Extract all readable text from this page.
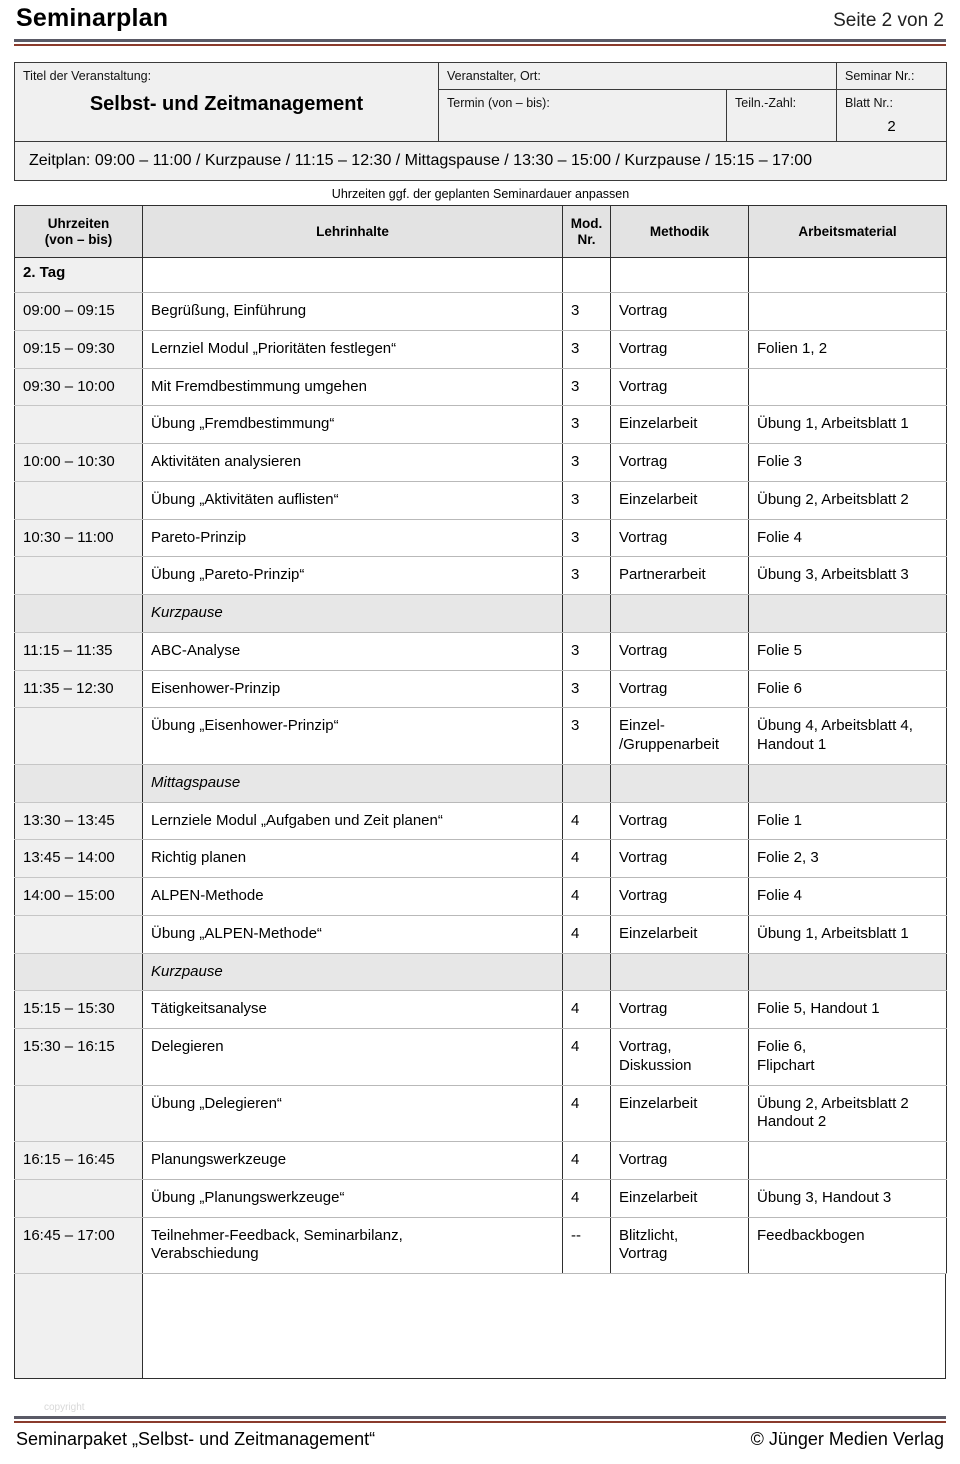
Seminarplan	Seite 2 von 2
Titel der Veranstaltung:
Selbst- und Zeitmanagement	Veranstalter, Ort:		Seminar Nr.:

	Termin (von – bis):	Teiln.-Zahl:	Blatt Nr.:
2

Zeitplan: 09:00 – 11:00 / Kurzpause / 11:15 – 12:30 / Mittagspause / 13:30 – 15:00 / Kurzpause / 15:15 – 17:00			
Uhrzeiten ggf. der geplanten Seminardauer anpassen			
Uhrzeiten
(von – bis)
	Lehrinhalte	
Mod.
Nr.
	Methodik	Arbeitsmaterial
2. Tag				
09:00 – 09:15	Begrüßung, Einführung	3	Vortrag	
09:15 – 09:30	Lernziel Modul „Prioritäten festlegen“	3	Vortrag	Folien 1, 2
09:30 – 10:00	Mit Fremdbestimmung umgehen	3	Vortrag	
	Übung „Fremdbestimmung“	3	Einzelarbeit	Übung 1, Arbeitsblatt 1
10:00 – 10:30	Aktivitäten analysieren	3	Vortrag	Folie 3
	Übung „Aktivitäten auflisten“	3	Einzelarbeit	Übung 2, Arbeitsblatt 2
10:30 – 11:00	Pareto-Prinzip	3	Vortrag	Folie 4
	Übung „Pareto-Prinzip“	3	Partnerarbeit	Übung 3, Arbeitsblatt 3
	Kurzpause			
11:15 – 11:35	ABC-Analyse	3	Vortrag	Folie 5
11:35 – 12:30	Eisenhower-Prinzip	3	Vortrag	Folie 6
	Übung „Eisenhower-Prinzip“	3	Einzel-
/Gruppenarbeit	Übung 4, Arbeitsblatt 4,
Handout 1
	Mittagspause			
13:30 – 13:45	Lernziele Modul „Aufgaben und Zeit planen“	4	Vortrag	Folie 1
13:45 – 14:00	Richtig planen	4	Vortrag	Folie 2, 3
14:00 – 15:00	ALPEN-Methode	4	Vortrag	Folie 4
	Übung „ALPEN-Methode“	4	Einzelarbeit	Übung 1, Arbeitsblatt 1
	Kurzpause			
15:15 – 15:30	Tätigkeitsanalyse	4	Vortrag	Folie 5, Handout 1
15:30 – 16:15	Delegieren	4	Vortrag,
Diskussion	Folie 6,
Flipchart
	Übung „Delegieren“	4	Einzelarbeit	Übung 2, Arbeitsblatt 2
Handout 2
16:15 – 16:45	Planungswerkzeuge	4	Vortrag	
	Übung „Planungswerkzeuge“	4	Einzelarbeit	Übung 3, Handout 3
16:45 – 17:00	Teilnehmer-Feedback, Seminarbilanz,
Verabschiedung	--	Blitzlicht,
Vortrag	Feedbackbogen
copyright
Seminarpaket „Selbst- und Zeitmanagement“	© Jünger Medien Verlag
